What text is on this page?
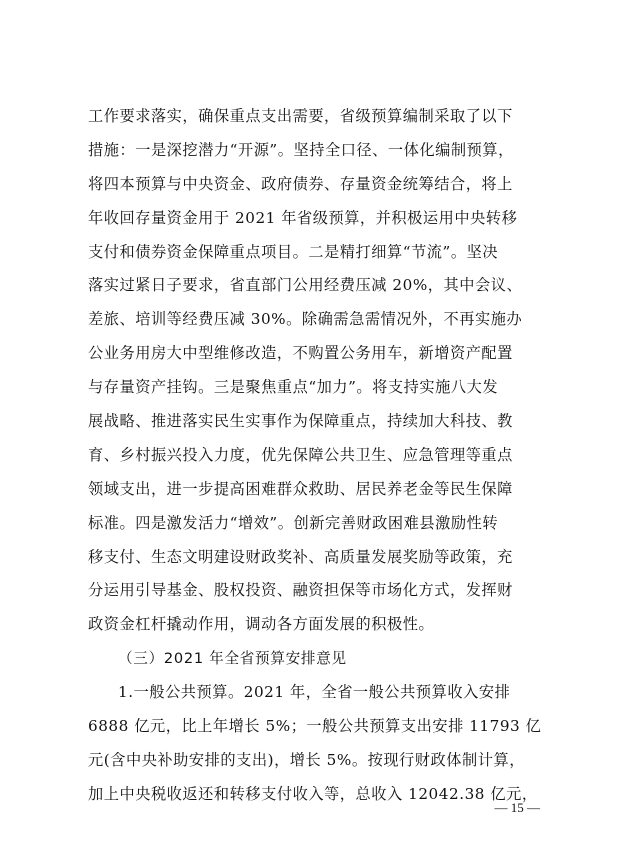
工作要求落实，确保重点支出需要，省级预算编制采取了以下
措施：一是深挖潜力“开源”。坚持全口径、一体化编制预算，
将四本预算与中央资金、政府债券、存量资金统筹结合，将上
年收回存量资金用于 2021 年省级预算，并积极运用中央转移
支付和债券资金保障重点项目。二是精打细算“节流”。坚决
落实过紧日子要求，省直部门公用经费压减 20%，其中会议、
差旅、培训等经费压减 30%。除确需急需情况外，不再实施办
公业务用房大中型维修改造，不购置公务用车，新增资产配置
与存量资产挂钩。三是聚焦重点“加力”。将支持实施八大发
展战略、推进落实民生实事作为保障重点，持续加大科技、教
育、乡村振兴投入力度，优先保障公共卫生、应急管理等重点
领域支出，进一步提高困难群众救助、居民养老金等民生保障
标准。四是激发活力“增效”。创新完善财政困难县激励性转
移支付、生态文明建设财政奖补、高质量发展奖励等政策，充
分运用引导基金、股权投资、融资担保等市场化方式，发挥财
政资金杠杆撬动作用，调动各方面发展的积极性。
（三）2021 年全省预算安排意见
1.一般公共预算。2021 年，全省一般公共预算收入安排
6888 亿元，比上年增长 5%；一般公共预算支出安排 11793 亿
元(含中央补助安排的支出)，增长 5%。按现行财政体制计算，
加上中央税收返还和转移支付收入等，总收入 12042.38 亿元，
— 15 —
